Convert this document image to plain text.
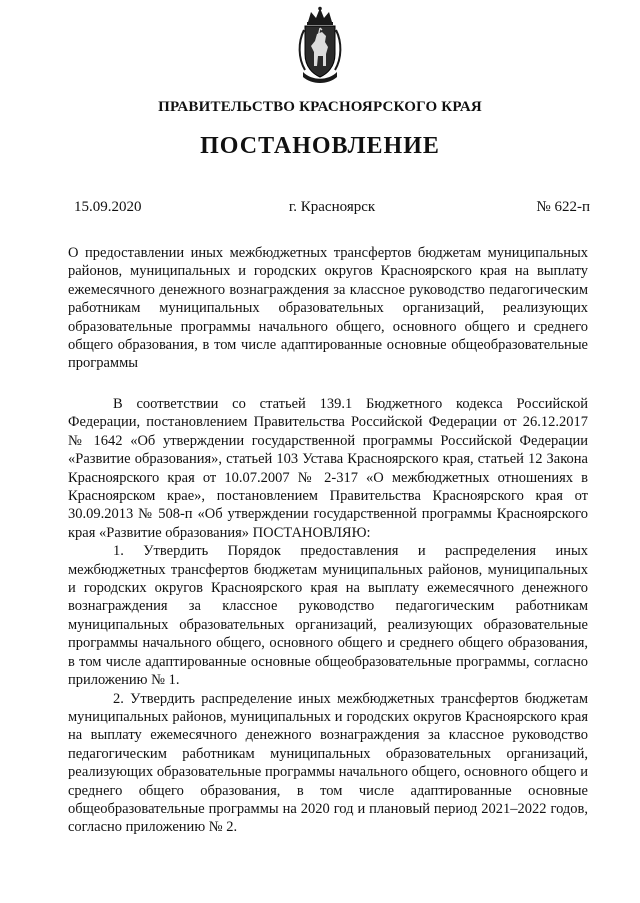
ПРАВИТЕЛЬСТВО КРАСНОЯРСКОГО КРАЯ
ПОСТАНОВЛЕНИЕ
15.09.2020	г. Красноярск	№ 622-п
О предоставлении иных межбюджетных трансфертов бюджетам муниципальных районов, муниципальных и городских округов Красноярского края на выплату ежемесячного денежного вознаграждения за классное руководство педагогическим работникам муниципальных образовательных организаций, реализующих образовательные программы начального общего, основного общего и среднего общего образования, в том числе адаптированные основные общеобразовательные программы

В соответствии со статьей 139.1 Бюджетного кодекса Российской Федерации, постановлением Правительства Российской Федерации от 26.12.2017 № 1642 «Об утверждении государственной программы Российской Федерации «Развитие образования», статьей 103 Устава Красноярского края, статьей 12 Закона Красноярского края от 10.07.2007 № 2-317 «О межбюджетных отношениях в Красноярском крае», постановлением Правительства Красноярского края от 30.09.2013 № 508-п «Об утверждении государственной программы Красноярского края «Развитие образования» ПОСТАНОВЛЯЮ:

1. Утвердить Порядок предоставления и распределения иных межбюджетных трансфертов бюджетам муниципальных районов, муниципальных и городских округов Красноярского края на выплату ежемесячного денежного вознаграждения за классное руководство педагогическим работникам муниципальных образовательных организаций, реализующих образовательные программы начального общего, основного общего и среднего общего образования, в том числе адаптированные основные общеобразовательные программы, согласно приложению № 1.

2. Утвердить распределение иных межбюджетных трансфертов бюджетам муниципальных районов, муниципальных и городских округов Красноярского края на выплату ежемесячного денежного вознаграждения за классное руководство педагогическим работникам муниципальных образовательных организаций, реализующих образовательные программы начального общего, основного общего и среднего общего образования, в том числе адаптированные основные общеобразовательные программы на 2020 год и плановый период 2021–2022 годов, согласно приложению № 2.
